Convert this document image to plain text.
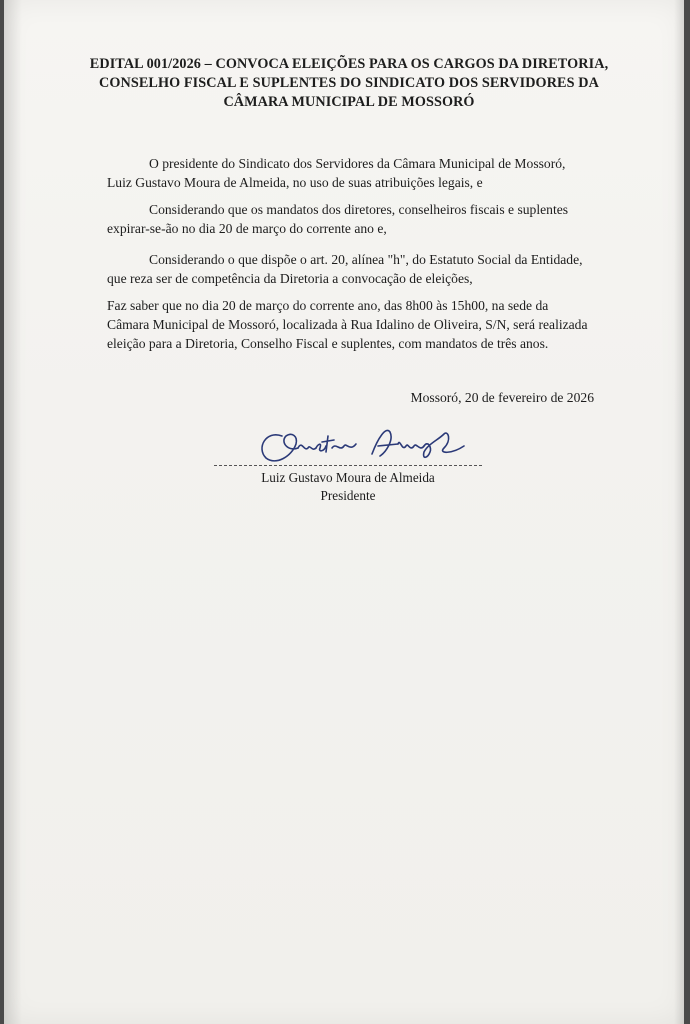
EDITAL 001/2026 – CONVOCA ELEIÇÕES PARA OS CARGOS DA DIRETORIA, CONSELHO FISCAL E SUPLENTES DO SINDICATO DOS SERVIDORES DA CÂMARA MUNICIPAL DE MOSSORÓ

O presidente do Sindicato dos Servidores da Câmara Municipal de Mossoró,
Luiz Gustavo Moura de Almeida, no uso de suas atribuições legais, e

Considerando que os mandatos dos diretores, conselheiros fiscais e suplentes
expirar-se-ão no dia 20 de março do corrente ano e,

Considerando o que dispõe o art. 20, alínea "h", do Estatuto Social da Entidade,
que reza ser de competência da Diretoria a convocação de eleições,

Faz saber que no dia 20 de março do corrente ano, das 8h00 às 15h00, na sede da
Câmara Municipal de Mossoró, localizada à Rua Idalino de Oliveira, S/N, será realizada
eleição para a Diretoria, Conselho Fiscal e suplentes, com mandatos de três anos.

Mossoró, 20 de fevereiro de 2026
Luiz Gustavo Moura de Almeida
Presidente
